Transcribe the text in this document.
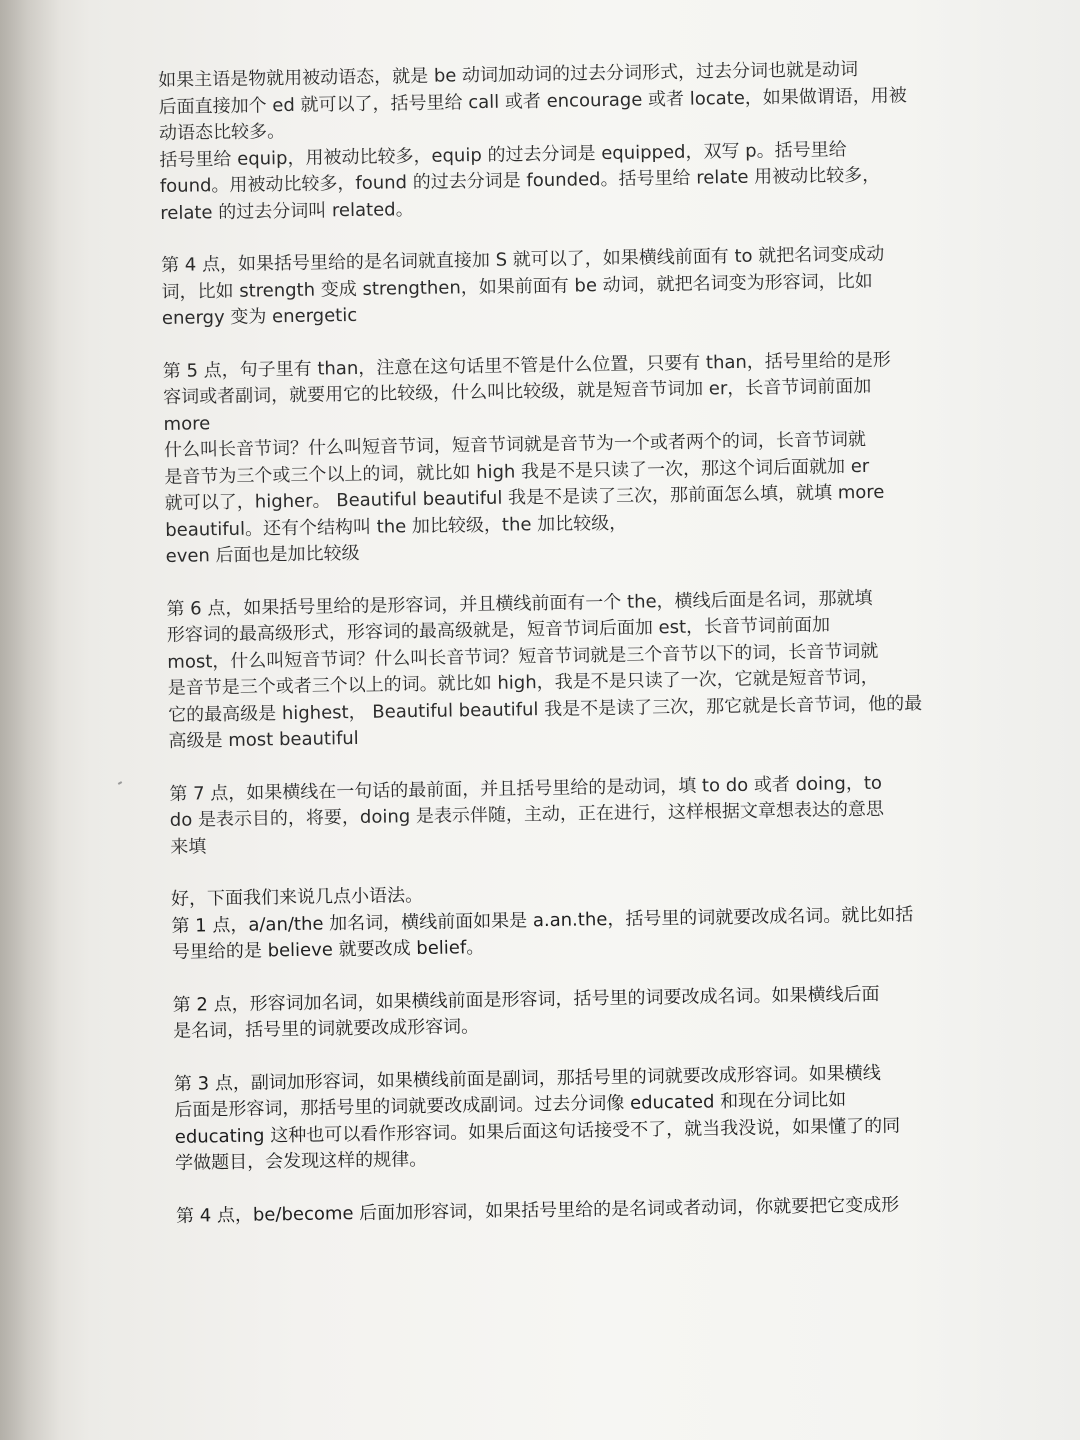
如果主语是物就用被动语态，就是 be 动词加动词的过去分词形式，过去分词也就是动词
后面直接加个 ed 就可以了，括号里给 call 或者 encourage 或者 locate，如果做谓语，用被
动语态比较多。

括号里给 equip，用被动比较多，equip 的过去分词是 equipped，双写 p。括号里给
found。用被动比较多，found 的过去分词是 founded。括号里给 relate 用被动比较多，
relate 的过去分词叫 related。

第 4 点，如果括号里给的是名词就直接加 S 就可以了，如果横线前面有 to 就把名词变成动
词，比如 strength 变成 strengthen，如果前面有 be 动词，就把名词变为形容词，比如
energy 变为 energetic

第 5 点，句子里有 than，注意在这句话里不管是什么位置，只要有 than，括号里给的是形
容词或者副词，就要用它的比较级，什么叫比较级，就是短音节词加 er，长音节词前面加
more

什么叫长音节词？什么叫短音节词，短音节词就是音节为一个或者两个的词，长音节词就
是音节为三个或三个以上的词，就比如 high 我是不是只读了一次，那这个词后面就加 er
就可以了，higher。 Beautiful beautiful 我是不是读了三次，那前面怎么填，就填 more
beautiful。还有个结构叫 the 加比较级，the 加比较级，

even 后面也是加比较级

第 6 点，如果括号里给的是形容词，并且横线前面有一个 the，横线后面是名词，那就填
形容词的最高级形式，形容词的最高级就是，短音节词后面加 est，长音节词前面加
most，什么叫短音节词？什么叫长音节词？短音节词就是三个音节以下的词，长音节词就
是音节是三个或者三个以上的词。就比如 high，我是不是只读了一次，它就是短音节词，
它的最高级是 highest， Beautiful beautiful 我是不是读了三次，那它就是长音节词，他的最
高级是 most beautiful

第 7 点，如果横线在一句话的最前面，并且括号里给的是动词，填 to do 或者 doing，to
do 是表示目的，将要，doing 是表示伴随，主动，正在进行，这样根据文章想表达的意思
来填

好，下面我们来说几点小语法。

第 1 点，a/an/the 加名词，横线前面如果是 a.an.the，括号里的词就要改成名词。就比如括
号里给的是 believe 就要改成 belief。

第 2 点，形容词加名词，如果横线前面是形容词，括号里的词要改成名词。如果横线后面
是名词，括号里的词就要改成形容词。

第 3 点，副词加形容词，如果横线前面是副词，那括号里的词就要改成形容词。如果横线
后面是形容词，那括号里的词就要改成副词。过去分词像 educated 和现在分词比如
educating 这种也可以看作形容词。如果后面这句话接受不了，就当我没说，如果懂了的同
学做题目，会发现这样的规律。

第 4 点，be/become 后面加形容词，如果括号里给的是名词或者动词，你就要把它变成形
